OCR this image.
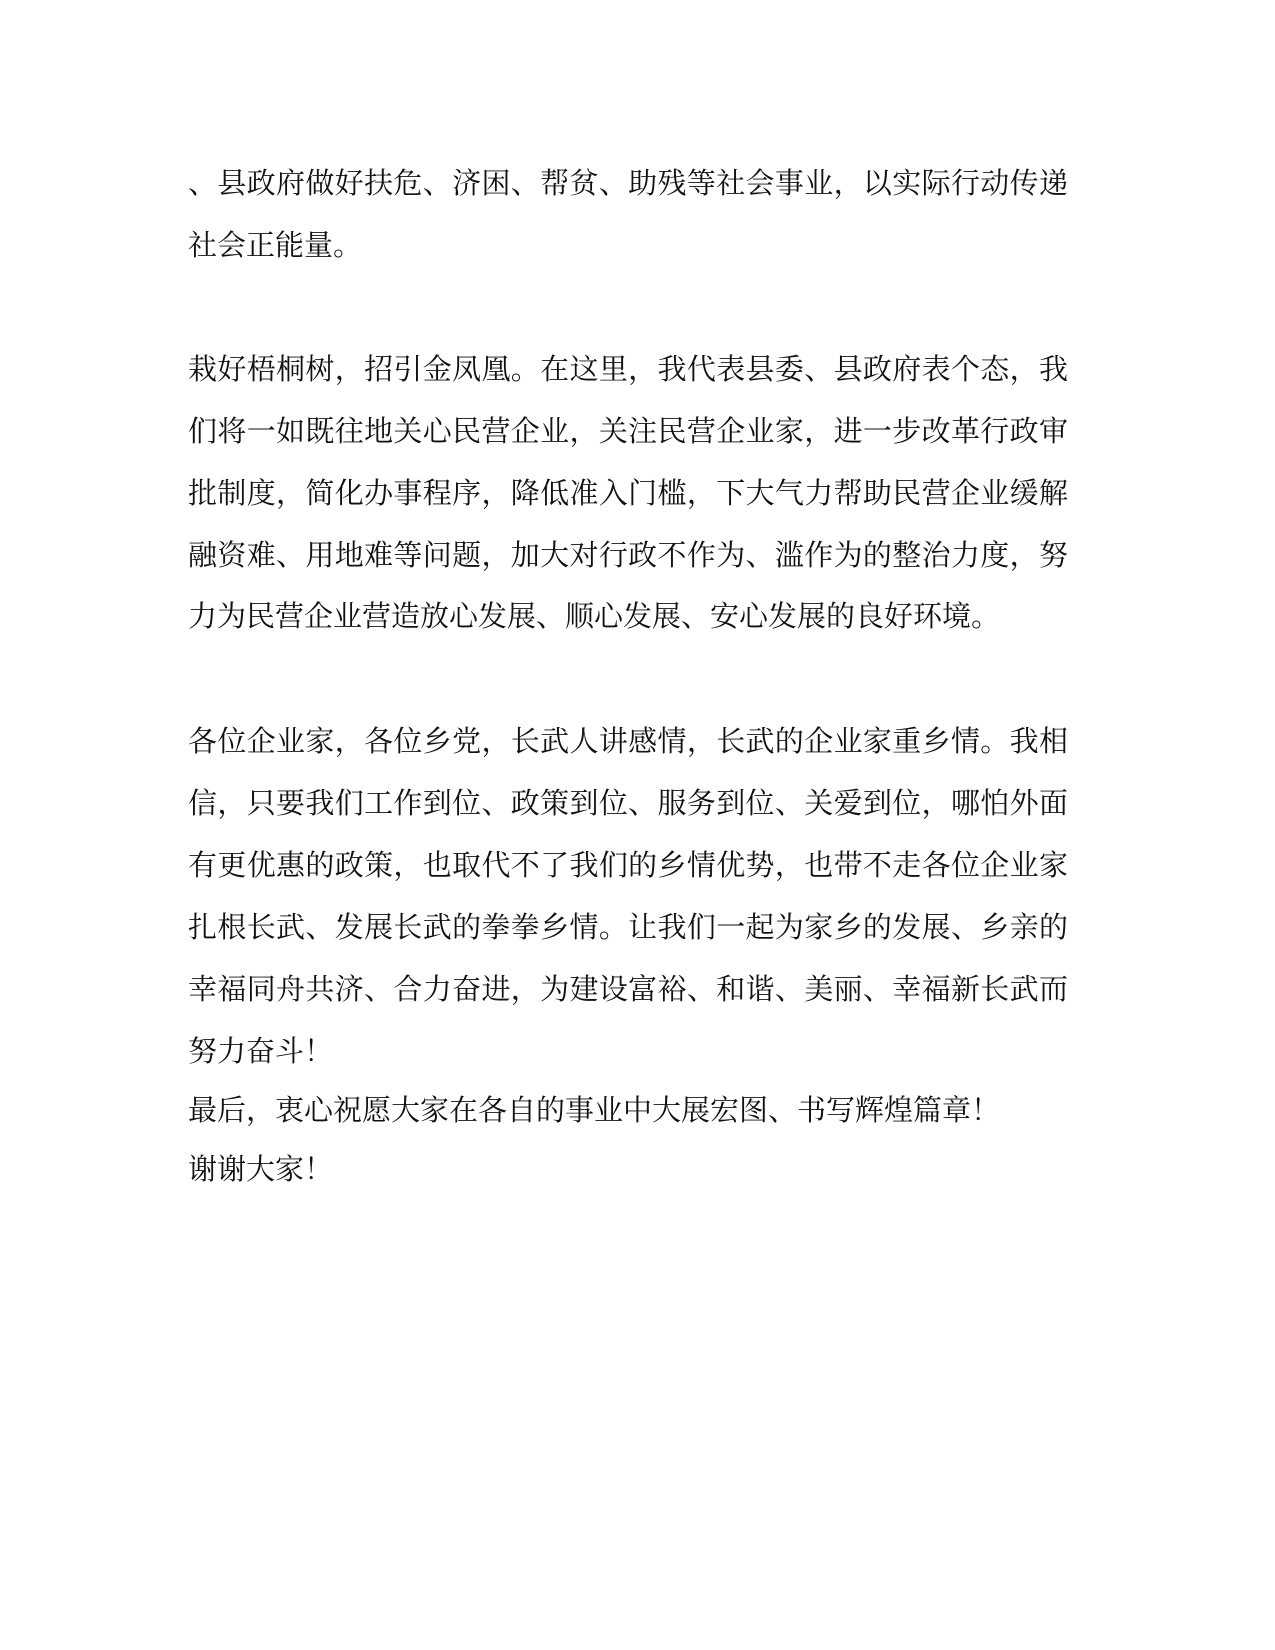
、县政府做好扶危、济困、帮贫、助残等社会事业，以实际行动传递

社会正能量。

栽好梧桐树，招引金凤凰。在这里，我代表县委、县政府表个态，我

们将一如既往地关心民营企业，关注民营企业家，进一步改革行政审

批制度，简化办事程序，降低准入门槛，下大气力帮助民营企业缓解

融资难、用地难等问题，加大对行政不作为、滥作为的整治力度，努

力为民营企业营造放心发展、顺心发展、安心发展的良好环境。

各位企业家，各位乡党，长武人讲感情，长武的企业家重乡情。我相

信，只要我们工作到位、政策到位、服务到位、关爱到位，哪怕外面

有更优惠的政策，也取代不了我们的乡情优势，也带不走各位企业家

扎根长武、发展长武的拳拳乡情。让我们一起为家乡的发展、乡亲的

幸福同舟共济、合力奋进，为建设富裕、和谐、美丽、幸福新长武而

努力奋斗！

最后，衷心祝愿大家在各自的事业中大展宏图、书写辉煌篇章！

谢谢大家！
